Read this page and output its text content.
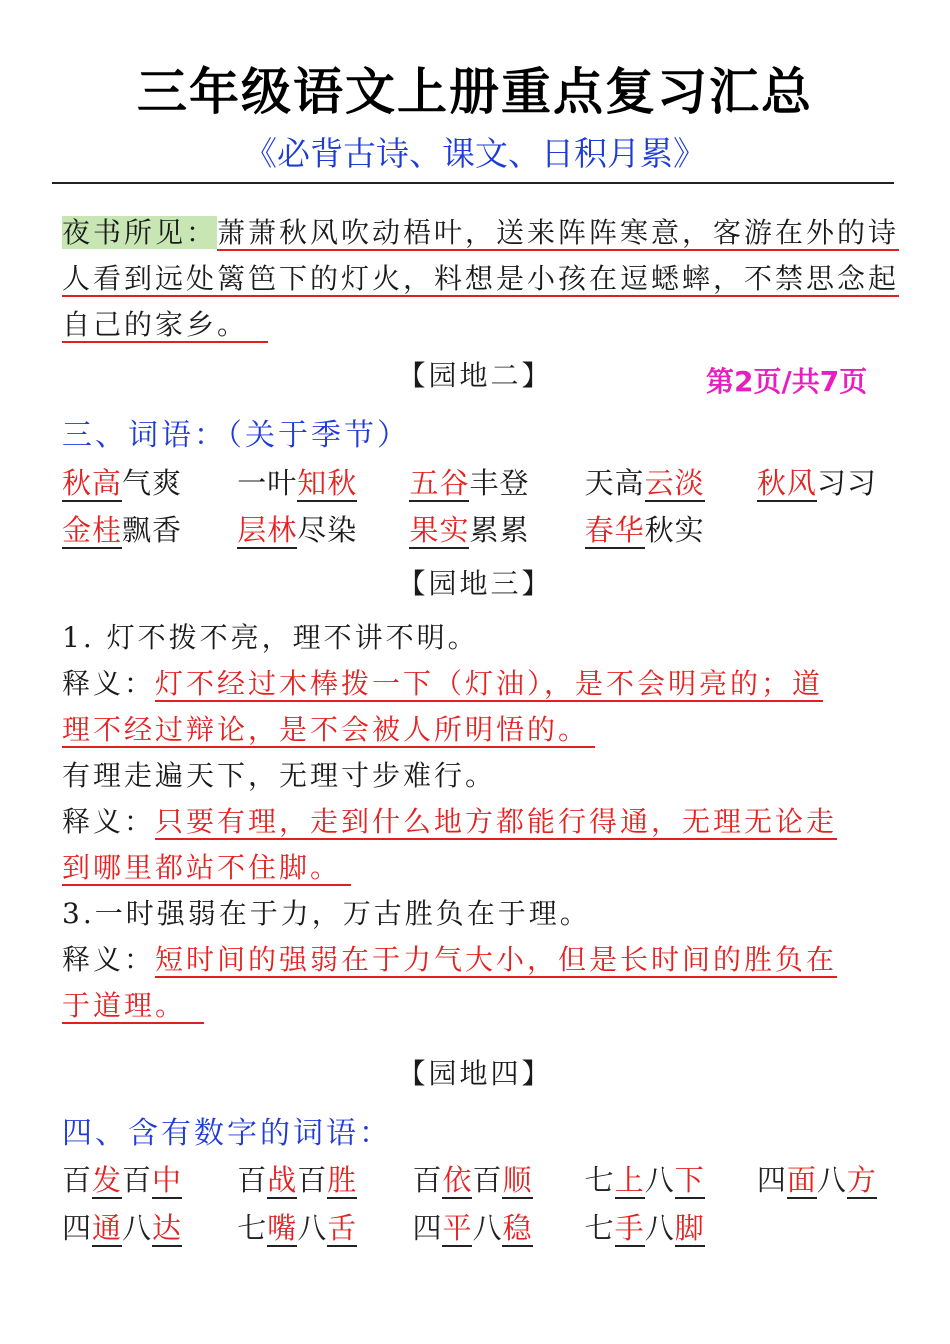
三年级语文上册重点复习汇总
《必背古诗、课文、日积月累》
夜书所见：萧萧秋风吹动梧叶，送来阵阵寒意，客游在外的诗
人看到远处篱笆下的灯火，料想是小孩在逗蟋蟀，不禁思念起
自己的家乡。
【园地二】	第2页/共7页
三、词语：（关于季节）
秋高气爽 一叶知秋 五谷丰登 天高云淡 秋风习习
金桂飘香 层林尽染 果实累累 春华秋实
【园地三】
1. 灯不拨不亮，理不讲不明。
释义：灯不经过木棒拨一下（灯油），是不会明亮的；道
理不经过辩论，是不会被人所明悟的。
有理走遍天下，无理寸步难行。
释义：只要有理，走到什么地方都能行得通，无理无论走
到哪里都站不住脚。
3.一时强弱在于力，万古胜负在于理。
释义：短时间的强弱在于力气大小，但是长时间的胜负在
于道理。
【园地四】
四、含有数字的词语：
百发百中 百战百胜 百依百顺 七上八下 四面八方
四通八达 七嘴八舌 四平八稳 七手八脚
